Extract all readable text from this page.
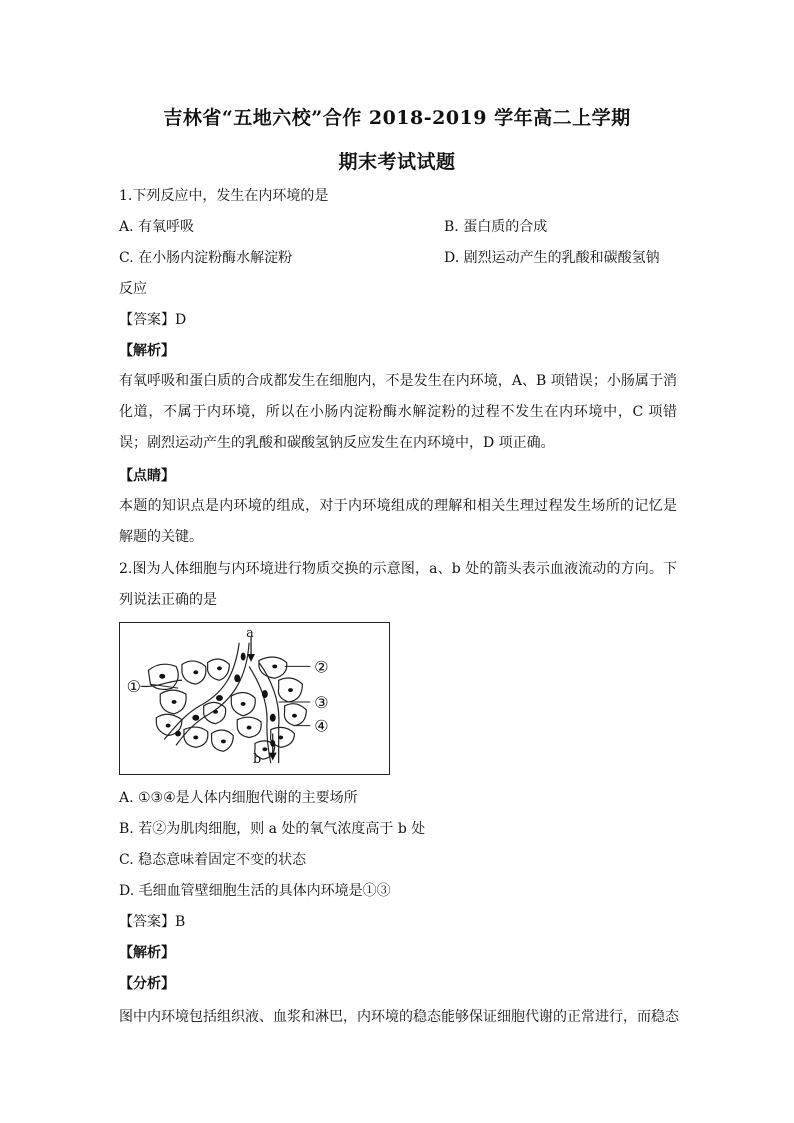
吉林省“五地六校”合作 2018-2019 学年高二上学期
期末考试试题
1.下列反应中，发生在内环境的是
A. 有氧呼吸	B. 蛋白质的合成
C. 在小肠内淀粉酶水解淀粉	D. 剧烈运动产生的乳酸和碳酸氢钠
反应
【答案】D
【解析】
有氧呼吸和蛋白质的合成都发生在细胞内，不是发生在内环境，A、B 项错误；小肠属于消化道，不属于内环境，所以在小肠内淀粉酶水解淀粉的过程不发生在内环境中，C 项错误；剧烈运动产生的乳酸和碳酸氢钠反应发生在内环境中，D 项正确。
【点睛】
本题的知识点是内环境的组成，对于内环境组成的理解和相关生理过程发生场所的记忆是解题的关键。
2.图为人体细胞与内环境进行物质交换的示意图，a、b 处的箭头表示血液流动的方向。下列说法正确的是
a
b
①
②
③
④
A. ①③④是人体内细胞代谢的主要场所
B. 若②为肌肉细胞，则 a 处的氧气浓度高于 b 处
C. 稳态意味着固定不变的状态
D. 毛细血管壁细胞生活的具体内环境是①③
【答案】B
【解析】
【分析】
图中内环境包括组织液、血浆和淋巴，内环境的稳态能够保证细胞代谢的正常进行，而稳态
